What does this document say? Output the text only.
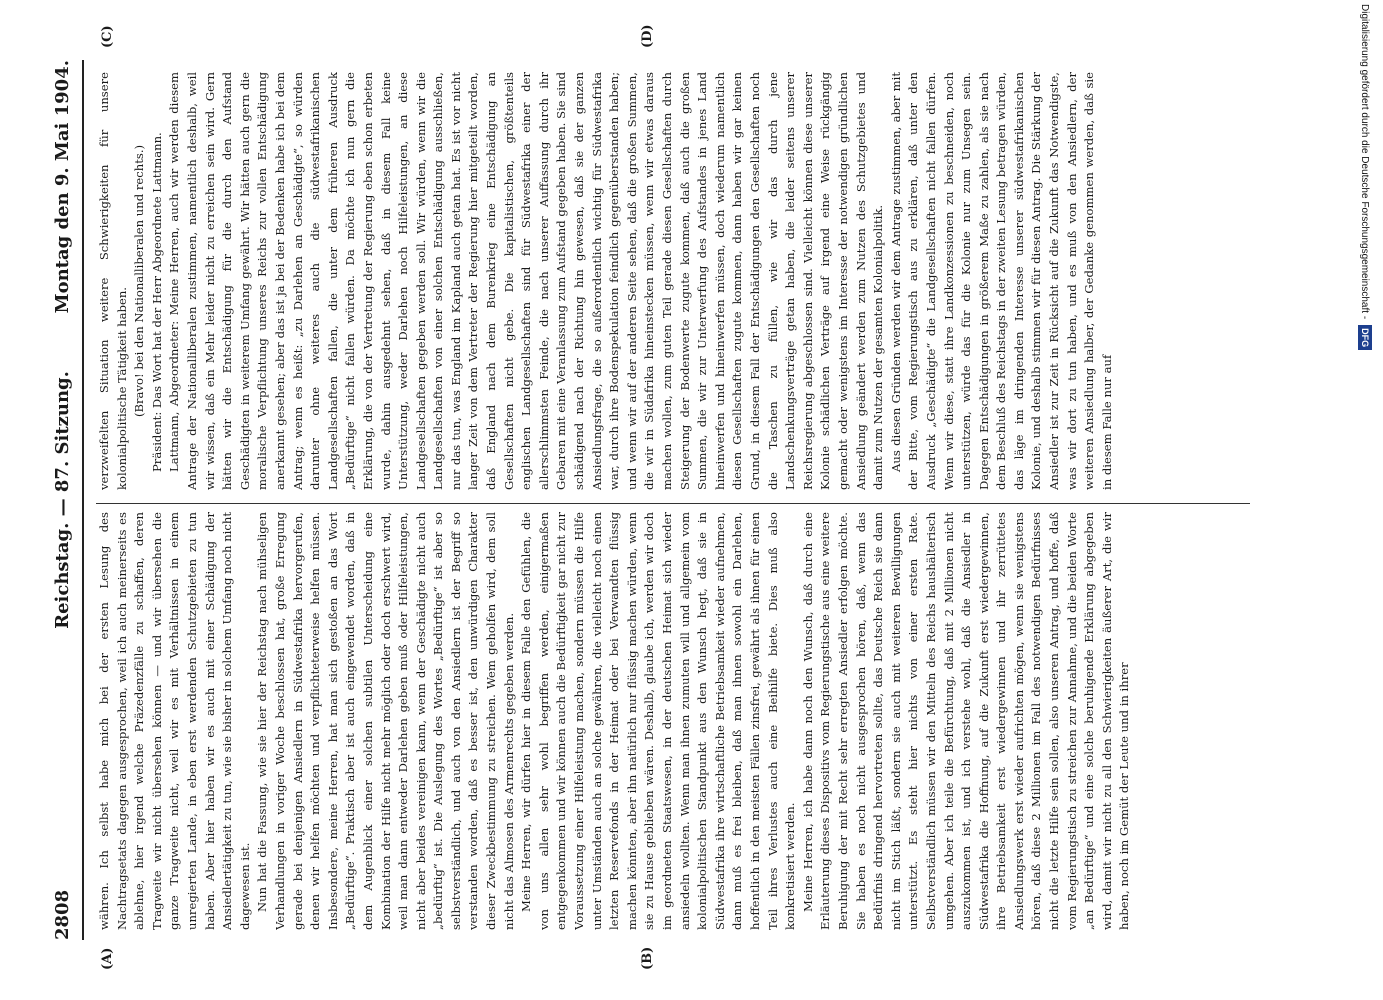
2808
Reichstag. — 87. Sitzung.
Montag den 9. Mai 1904.
(A)	(B)
(C)	(D)

währen. Ich selbst habe mich bei der ersten Lesung des Nachtragsetats dagegen ausgesprochen, weil ich auch meinerseits es ablehne, hier irgend welche Präzedenzfälle zu schaffen, deren Tragweite wir nicht übersehen können — und wir übersehen die ganze Tragweite nicht, weil wir es mit Verhältnissen in einem unregierten Lande, in eben erst werdenden Schutzgebieten zu tun haben. Aber hier haben wir es auch mit einer Schädigung der Ansiedlertätigkeit zu tun, wie sie bisher in solchem Umfang noch nicht dagewesen ist. Nun hat die Fassung, wie sie hier der Reichstag nach mühseligen Verhandlungen in voriger Woche beschlossen hat, große Erregung gerade bei denjenigen Ansiedlern in Südwestafrika hervorgerufen, denen wir helfen möchten und verpflichteterweise helfen müssen. Insbesondere, meine Herren, hat man sich gestoßen an das Wort „Bedürftige“. Praktisch aber ist auch eingewendet worden, daß in dem Augenblick einer solchen subtilen Unterscheidung eine Kombination der Hilfe nicht mehr möglich oder doch erschwert wird, weil man dann entweder Darlehen geben muß oder Hilfeleistungen, nicht aber beides vereinigen kann, wenn der Geschädigte nicht auch „bedürftig“ ist. Die Auslegung des Wortes „Bedürftige“ ist aber so selbstverständlich, und auch von den Ansiedlern ist der Begriff so verstanden worden, daß es besser ist, den unwürdigen Charakter dieser Zweckbestimmung zu streichen. Wem geholfen wird, dem soll nicht das Almosen des Armenrechts gegeben werden. Meine Herren, wir dürfen hier in diesem Falle den Gefühlen, die von uns allen sehr wohl begriffen werden, einigermaßen entgegenkommen und wir können auch die Bedürftigkeit gar nicht zur Voraussetzung einer Hilfeleistung machen, sondern müssen die Hilfe unter Umständen auch an solche gewähren, die vielleicht noch einen letzten Reservefonds in der Heimat oder bei Verwandten flüssig machen könnten, aber ihn natürlich nur flüssig machen würden, wenn sie zu Hause geblieben wären. Deshalb, glaube ich, werden wir doch im geordneten Staatswesen, in der deutschen Heimat sich wieder ansiedeln wollten. Wenn man ihnen zumuten will und allgemein vom kolonialpolitischen Standpunkt aus den Wunsch hegt, daß sie in Südwestafrika ihre wirtschaftliche Betriebsamkeit wieder aufnehmen, dann muß es frei bleiben, daß man ihnen sowohl ein Darlehen, hoffentlich in den meisten Fällen zinsfrei, gewährt als ihnen für einen Teil ihres Verlustes auch eine Beihilfe biete. Dies muß also konkretisiert werden. Meine Herren, ich habe dann noch den Wunsch, daß durch eine Erläuterung dieses Dispositivs vom Regierungstische aus eine weitere Beruhigung der mit Recht sehr erregten Ansiedler erfolgen möchte. Sie haben es noch nicht ausgesprochen hören, daß, wenn das Bedürfnis dringend hervortreten sollte, das Deutsche Reich sie dann nicht im Stich läßt, sondern sie auch mit weiteren Bewilligungen unterstützt. Es steht hier nichts von einer ersten Rate. Selbstverständlich müssen wir den Mitteln des Reichs haushälterisch umgehen. Aber ich teile die Befürchtung, daß mit 2 Millionen nicht auszukommen ist, und ich verstehe wohl, daß die Ansiedler in Südwestafrika die Hoffnung, auf die Zukunft erst wiedergewinnen, ihre Betriebsamkeit erst wiedergewinnen und ihr zerrüttetes Ansiedlungswerk erst wieder aufrichten mögen, wenn sie wenigstens hören, daß diese 2 Millionen im Fall des notwendigen Bedürfnisses nicht die letzte Hilfe sein sollen, also unseren Antrag, und hoffe, daß vom Regierungstisch zu streichen zur Annahme, und die beiden Worte „an Bedürftige“ und eine solche beruhigende Erklärung abgegeben wird, damit wir nicht zu all den Schwierigkeiten äußerer Art, die wir haben, noch im Gemüt der Leute und in ihrer

verzweifelten Situation weitere Schwierigkeiten für unsere kolonialpolitische Tätigkeit haben. (Bravo! bei den Nationalliberalen und rechts.) Präsident: Das Wort hat der Herr Abgeordnete Lattmann. Lattmann, Abgeordneter: Meine Herren, auch wir werden diesem Antrage der Nationalliberalen zustimmen, namentlich deshalb, weil wir wissen, daß ein Mehr leider nicht zu erreichen sein wird. Gern hätten wir die Entschädigung für die durch den Aufstand Geschädigten in weiterem Umfang gewährt. Wir hätten auch gern die moralische Verpflichtung unseres Reichs zur vollen Entschädigung anerkannt gesehen; aber das ist ja bei der Bedenken habe ich bei dem Antrag; wenn es heißt: „zu Darlehen an Geschädigte“, so würden darunter ohne weiteres auch die südwestafrikanischen Landgesellschaften fallen, die unter dem früheren Ausdruck „Bedürftige“ nicht fallen würden. Da möchte ich nun gern die Erklärung, die von der Vertretung der Regierung eben schon erbeten wurde, dahin ausgedehnt sehen, daß in diesem Fall keine Unterstützung, weder Darlehen noch Hilfeleistungen, an diese Landgesellschaften gegeben werden soll. Wir würden, wenn wir die Landgesellschaften von einer solchen Entschädigung ausschließen, nur das tun, was England im Kapland auch getan hat. Es ist vor nicht langer Zeit von dem Vertreter der Regierung hier mitgeteilt worden, daß England nach dem Burenkrieg eine Entschädigung an Gesellschaften nicht gebe. Die kapitalistischen, größtenteils englischen Landgesellschaften sind für Südwestafrika einer der allerschlimmsten Feinde, die nach unserer Auffassung durch ihr Gebaren mit eine Veranlassung zum Aufstand gegeben haben. Sie sind schädigend nach der Richtung hin gewesen, daß sie der ganzen Ansiedlungsfrage, die so außerordentlich wichtig für Südwestafrika war, durch ihre Bodenspekulation feindlich gegenüberstanden haben; und wenn wir auf der anderen Seite sehen, daß die großen Summen, die wir in Südafrika hineinstecken müssen, wenn wir etwas daraus machen wollen, zum guten Teil gerade diesen Gesellschaften durch Steigerung der Bodenwerte zugute kommen, daß auch die großen Summen, die wir zur Unterwerfung des Aufstandes in jenes Land hineinwerfen und hineinwerfen müssen, doch wiederum namentlich diesen Gesellschaften zugute kommen, dann haben wir gar keinen Grund, in diesem Fall der Entschädigungen den Gesellschaften noch die Taschen zu füllen, wie wir das durch jene Landschenkungsverträge getan haben, die leider seitens unserer Reichsregierung abgeschlossen sind. Vielleicht können diese unserer Kolonie schädlichen Verträge auf irgend eine Weise rückgängig gemacht oder wenigstens im Interesse der notwendigen gründlichen Ansiedlung geändert werden zum Nutzen des Schutzgebietes und damit zum Nutzen der gesamten Kolonialpolitik. Aus diesen Gründen werden wir dem Antrage zustimmen, aber mit der Bitte, vom Regierungstisch aus zu erklären, daß unter den Ausdruck „Geschädigte“ die Landgesellschaften nicht fallen dürfen. Wenn wir diese, statt ihre Landkonzessionen zu beschneiden, noch unterstützen, würde das für die Kolonie nur zum Unsegen sein. Dagegen Entschädigungen in größerem Maße zu zahlen, als sie nach dem Beschluß des Reichstags in der zweiten Lesung betragen würden, das läge im dringenden Interesse unserer südwestafrikanischen Kolonie, und deshalb stimmen wir für diesen Antrag. Die Stärkung der Ansiedler ist zur Zeit in Rücksicht auf die Zukunft das Notwendigste, was wir dort zu tun haben, und es muß von den Ansiedlern, der weiteren Ansiedlung halber, der Gedanke genommen werden, daß sie in diesem Falle nur auf

Digitalisierung gefördert durch die Deutsche Forschungsgemeinschaft -DFG
